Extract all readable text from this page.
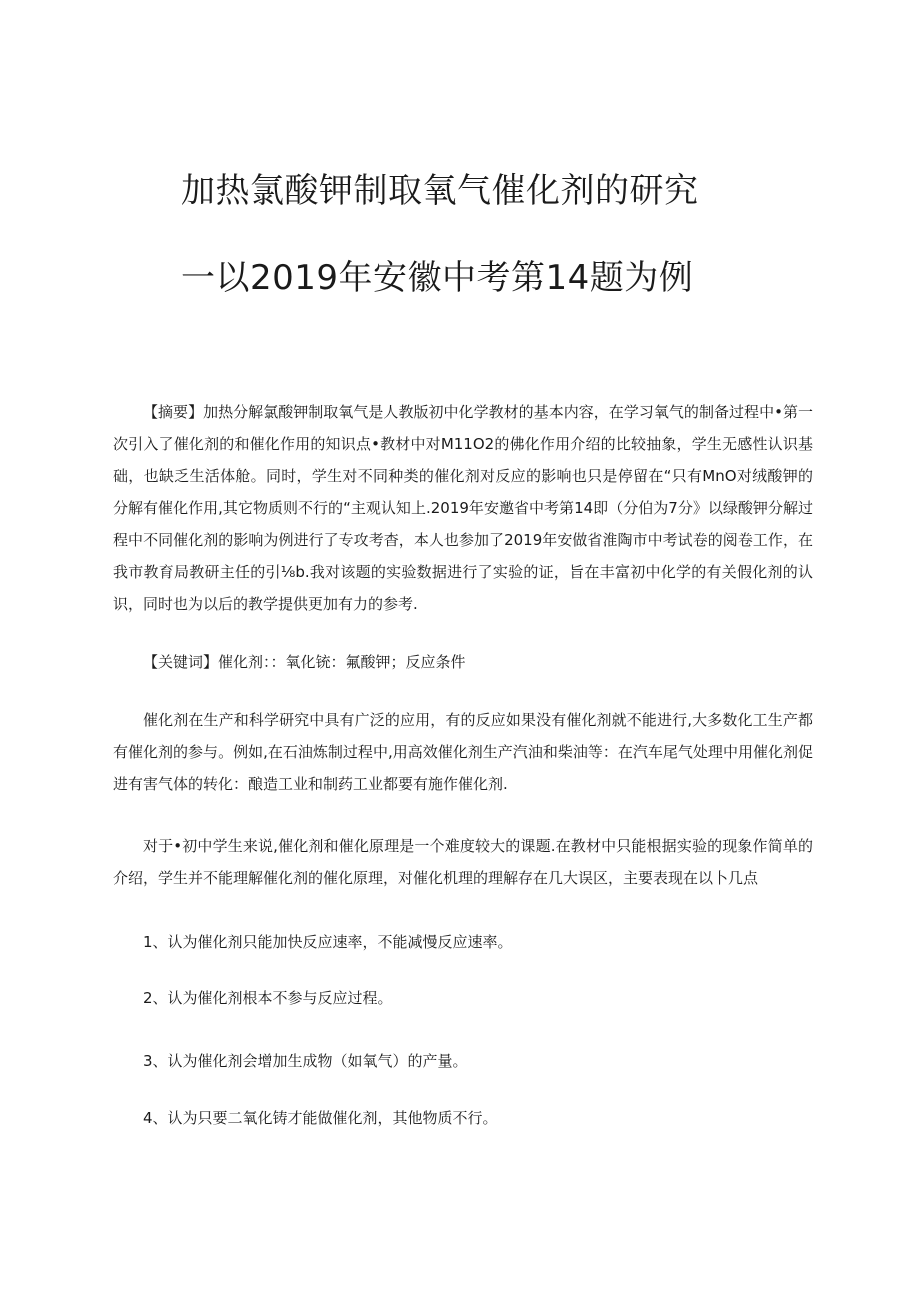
加热氯酸钾制取氧气催化剂的研究
一以2019年安徽中考第14题为例

【摘要】加热分解氯酸钾制取氧气是人教版初中化学教材的基本内容，在学习氧气的制备过程中•第一次引入了催化剂的和催化作用的知识点•教材中对M11O2的佛化作用介绍的比较抽象，学生无感性认识基础，也缺乏生活体舱。同时，学生对不同种类的催化剂对反应的影响也只是停留在“只有MnO对绒酸钾的分解有催化作用,其它物质则不行的“主观认知上.2019年安邀省中考第14即（分伯为7分》以绿酸钾分解过程中不同催化剂的影响为例进行了专攻考杳，本人也参加了2019年安做省淮陶市中考试卷的阅卷工作，在我市教育局教研主任的引⅛b.我对该题的实验数据进行了实验的证，旨在丰富初中化学的有关假化剂的认识，同时也为以后的教学提供更加有力的参考.

【关键词】催化剂：：氧化铳：氟酸钾；反应条件

催化剂在生产和科学研究中具有广泛的应用，有的反应如果没有催化剂就不能进行,大多数化工生产都有催化剂的参与。例如,在石油炼制过程中,用高效催化剂生产汽油和柴油等：在汽车尾气处理中用催化剂促进有害气体的转化：酿造工业和制药工业都要有施作催化剂.

对于•初中学生来说,催化剂和催化原理是一个难度较大的课题.在教材中只能根据实验的现象作简单的介绍，学生并不能理解催化剂的催化原理，对催化机理的理解存在几大误区，主要表现在以卜几点

1、认为催化剂只能加快反应速率，不能减慢反应速率。

2、认为催化剂根本不参与反应过程。

3、认为催化剂会增加生成物（如氧气）的产量。

4、认为只要二氧化铸才能做催化剂，其他物质不行。
